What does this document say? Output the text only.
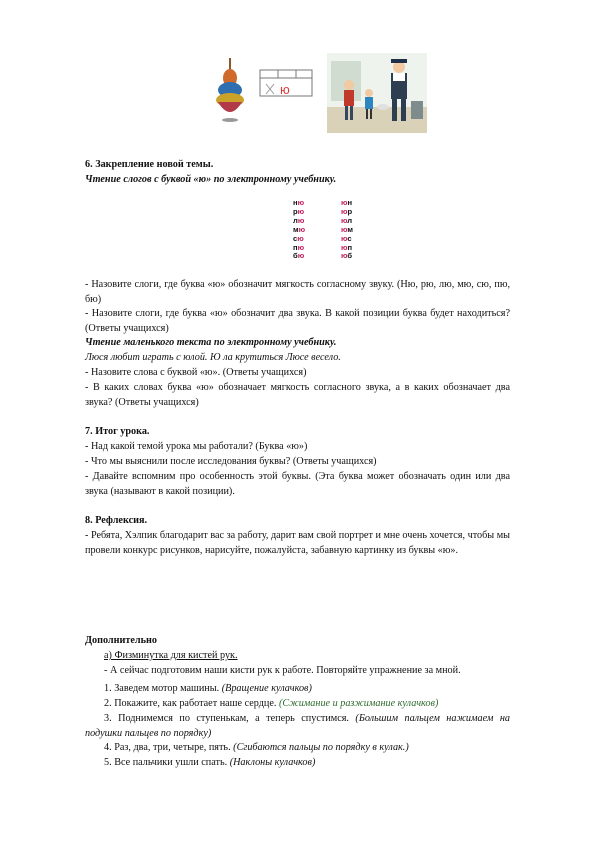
ю
6. Закрепление новой темы.
Чтение слогов с буквой «ю» по электронному учебнику.
ню
рю
лю
мю
сю
пю
бю
юн
юр
юл
юм
юс
юп
юб
- Назовите слоги, где буква «ю» обозначит мягкость согласному звуку. (Ню, рю, лю, мю, сю, пю, бю)
- Назовите слоги, где буква «ю» обозначит два звука. В какой позиции буква будет находиться? (Ответы учащихся)
Чтение маленького текста по электронному учебнику.
Люся любит играть с юлой. Ю ла крутиться Люсе весело.
- Назовите слова с буквой «ю». (Ответы учащихся)
- В каких словах буква «ю» обозначает мягкость согласного звука, а в каких обозначает два звука? (Ответы учащихся)
7. Итог урока.
- Над какой темой урока мы работали? (Буква «ю»)
- Что мы выяснили после исследования буквы? (Ответы учащихся)
- Давайте вспомним про особенность этой буквы. (Эта буква может обозначать один или два звука (называют в какой позиции).
8. Рефлексия.
- Ребята, Хэлпик благодарит вас за работу, дарит вам свой портрет и мне очень хочется, чтобы мы провели конкурс рисунков, нарисуйте, пожалуйста, забавную картинку из буквы «ю».
Дополнительно
а) Физминутка для кистей рук.
- А сейчас подготовим наши кисти рук к работе. Повторяйте упражнение за мной.
1. Заведем мотор машины. (Вращение кулачков)
2. Покажите, как работает наше сердце. (Сжимание и разжимание кулачков)
3. Поднимемся по ступенькам, а теперь спустимся. (Большим пальцем нажимаем на подушки пальцев по порядку)
4. Раз, два, три, четыре, пять. (Сгибаются пальцы по порядку в кулак.)
5. Все пальчики ушли спать. (Наклоны кулачков)
